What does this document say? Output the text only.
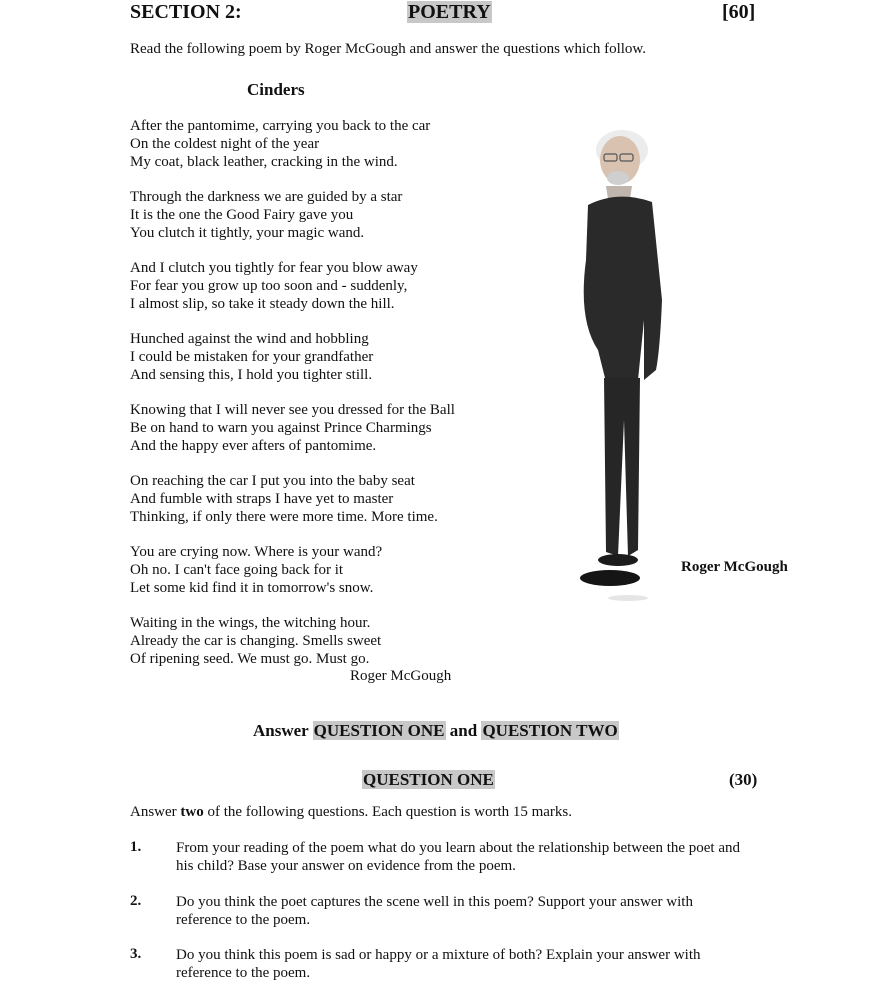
SECTION 2:	POETRY	[60]
Read the following poem by Roger McGough and answer the questions which follow.
Cinders
After the pantomime, carrying you back to the car
On the coldest night of the year
My coat, black leather, cracking in the wind.
Through the darkness we are guided by a star
It is the one the Good Fairy gave you
You clutch it tightly, your magic wand.
And I clutch you tightly for fear you blow away
For fear you grow up too soon and - suddenly,
I almost slip, so take it steady down the hill.
Hunched against the wind and hobbling
I could be mistaken for your grandfather
And sensing this, I hold you tighter still.
Knowing that I will never see you dressed for the Ball
Be on hand to warn you against Prince Charmings
And the happy ever afters of pantomime.
On reaching the car I put you into the baby seat
And fumble with straps I have yet to master
Thinking, if only there were more time. More time.
You are crying now. Where is your wand?
Oh no. I can't face going back for it
Let some kid find it in tomorrow's snow.
Waiting in the wings, the witching hour.
Already the car is changing. Smells sweet
Of ripening seed. We must go. Must go.
Roger McGough
Roger McGough
Answer QUESTION ONE and QUESTION TWO
QUESTION ONE	(30)
Answer two of the following questions. Each question is worth 15 marks.
1. From your reading of the poem what do you learn about the relationship between the poet and
his child? Base your answer on evidence from the poem.
2. Do you think the poet captures the scene well in this poem? Support your answer with
reference to the poem.
3. Do you think this poem is sad or happy or a mixture of both? Explain your answer with
reference to the poem.
